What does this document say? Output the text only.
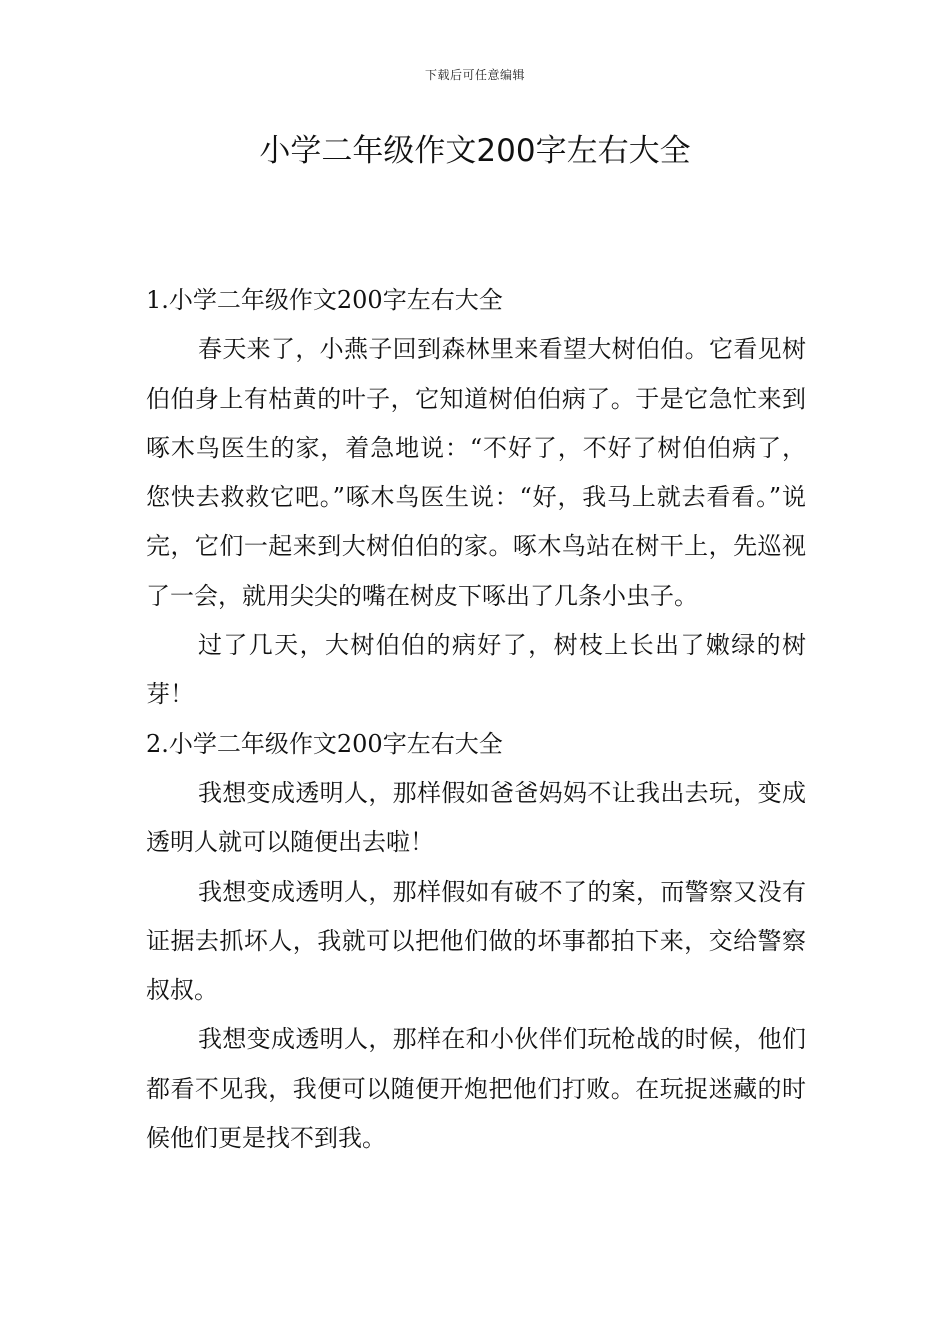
下载后可任意编辑
小学二年级作文200字左右大全
1.小学二年级作文200字左右大全

春天来了，小燕子回到森林里来看望大树伯伯。它看见树伯伯身上有枯黄的叶子，它知道树伯伯病了。于是它急忙来到啄木鸟医生的家，着急地说：“不好了，不好了树伯伯病了，您快去救救它吧。”啄木鸟医生说：“好，我马上就去看看。”说完，它们一起来到大树伯伯的家。啄木鸟站在树干上，先巡视了一会，就用尖尖的嘴在树皮下啄出了几条小虫子。

过了几天，大树伯伯的病好了，树枝上长出了嫩绿的树芽！

2.小学二年级作文200字左右大全

我想变成透明人，那样假如爸爸妈妈不让我出去玩，变成透明人就可以随便出去啦！

我想变成透明人，那样假如有破不了的案，而警察又没有证据去抓坏人，我就可以把他们做的坏事都拍下来，交给警察叔叔。

我想变成透明人，那样在和小伙伴们玩枪战的时候，他们都看不见我，我便可以随便开炮把他们打败。在玩捉迷藏的时候他们更是找不到我。
